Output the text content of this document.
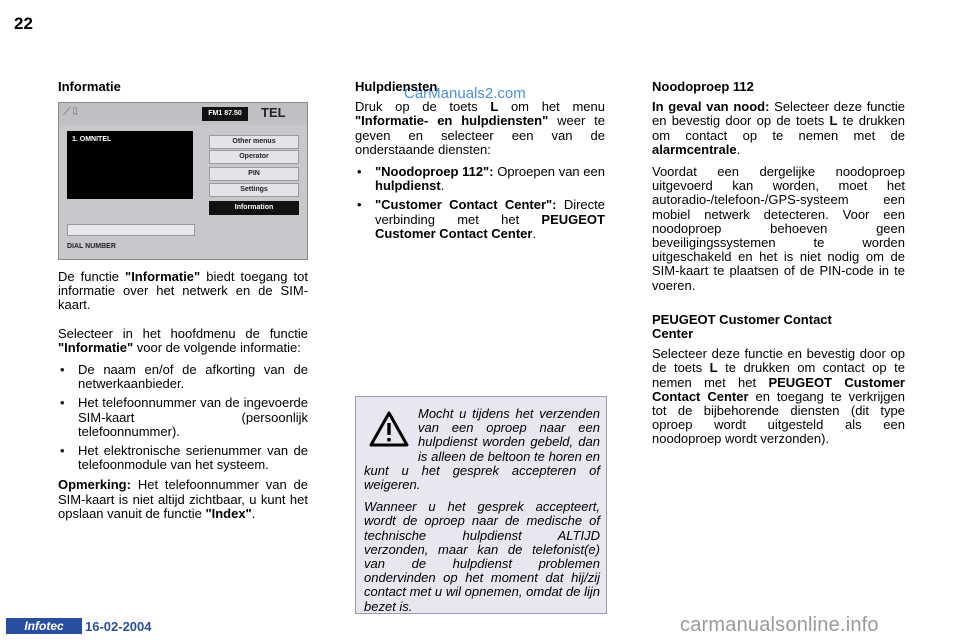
22
Informatie
⟋▯	FM1 87.50	TEL
1. OMNITEL	Other menus
Operator
PIN
Settings
Information
DIAL NUMBER

De functie "Informatie" biedt toegang tot informatie over het netwerk en de SIM-kaart.

Selecteer in het hoofdmenu de functie "Informatie" voor de volgende informatie:

• De naam en/of de afkorting van de netwerkaanbieder.
• Het telefoonnummer van de ingevoerde SIM-kaart (persoonlijk telefoonnummer).
• Het elektronische serienummer van de telefoonmodule van het systeem.

Opmerking: Het telefoonnummer van de SIM-kaart is niet altijd zichtbaar, u kunt het opslaan vanuit de functie "Index".

CarManuals2.com
Hulpdiensten

Druk op de toets L om het menu "Informatie- en hulpdiensten" weer te geven en selecteer een van de onderstaande diensten:

• "Noodoproep 112": Oproepen van een hulpdienst.
• "Customer Contact Center": Directe verbinding met het PEUGEOT Customer Contact Center.

Mocht u tijdens het verzenden van een oproep naar een hulpdienst worden gebeld, dan is alleen de beltoon te horen en kunt u het gesprek accepteren of weigeren.

Wanneer u het gesprek accepteert, wordt de oproep naar de medische of technische hulpdienst ALTIJD verzonden, maar kan de telefonist(e) van de hulpdienst problemen ondervinden op het moment dat hij/zij contact met u wil opnemen, omdat de lijn bezet is.

Noodoproep 112

In geval van nood: Selecteer deze functie en bevestig door op de toets L te drukken om contact op te nemen met de alarmcentrale.

Voordat een dergelijke noodoproep uitgevoerd kan worden, moet het autoradio-/telefoon-/GPS-systeem een mobiel netwerk detecteren. Voor een noodoproep behoeven geen beveiligingssystemen te worden uitgeschakeld en het is niet nodig om de SIM-kaart te plaatsen of de PIN-code in te voeren.

PEUGEOT Customer Contact Center

Selecteer deze functie en bevestig door op de toets L te drukken om contact op te nemen met het PEUGEOT Customer Contact Center en toegang te verkrijgen tot de bijbehorende diensten (dit type oproep wordt uitgesteld als een noodoproep wordt verzonden).

Infotec	16-02-2004	carmanualsonline.info
